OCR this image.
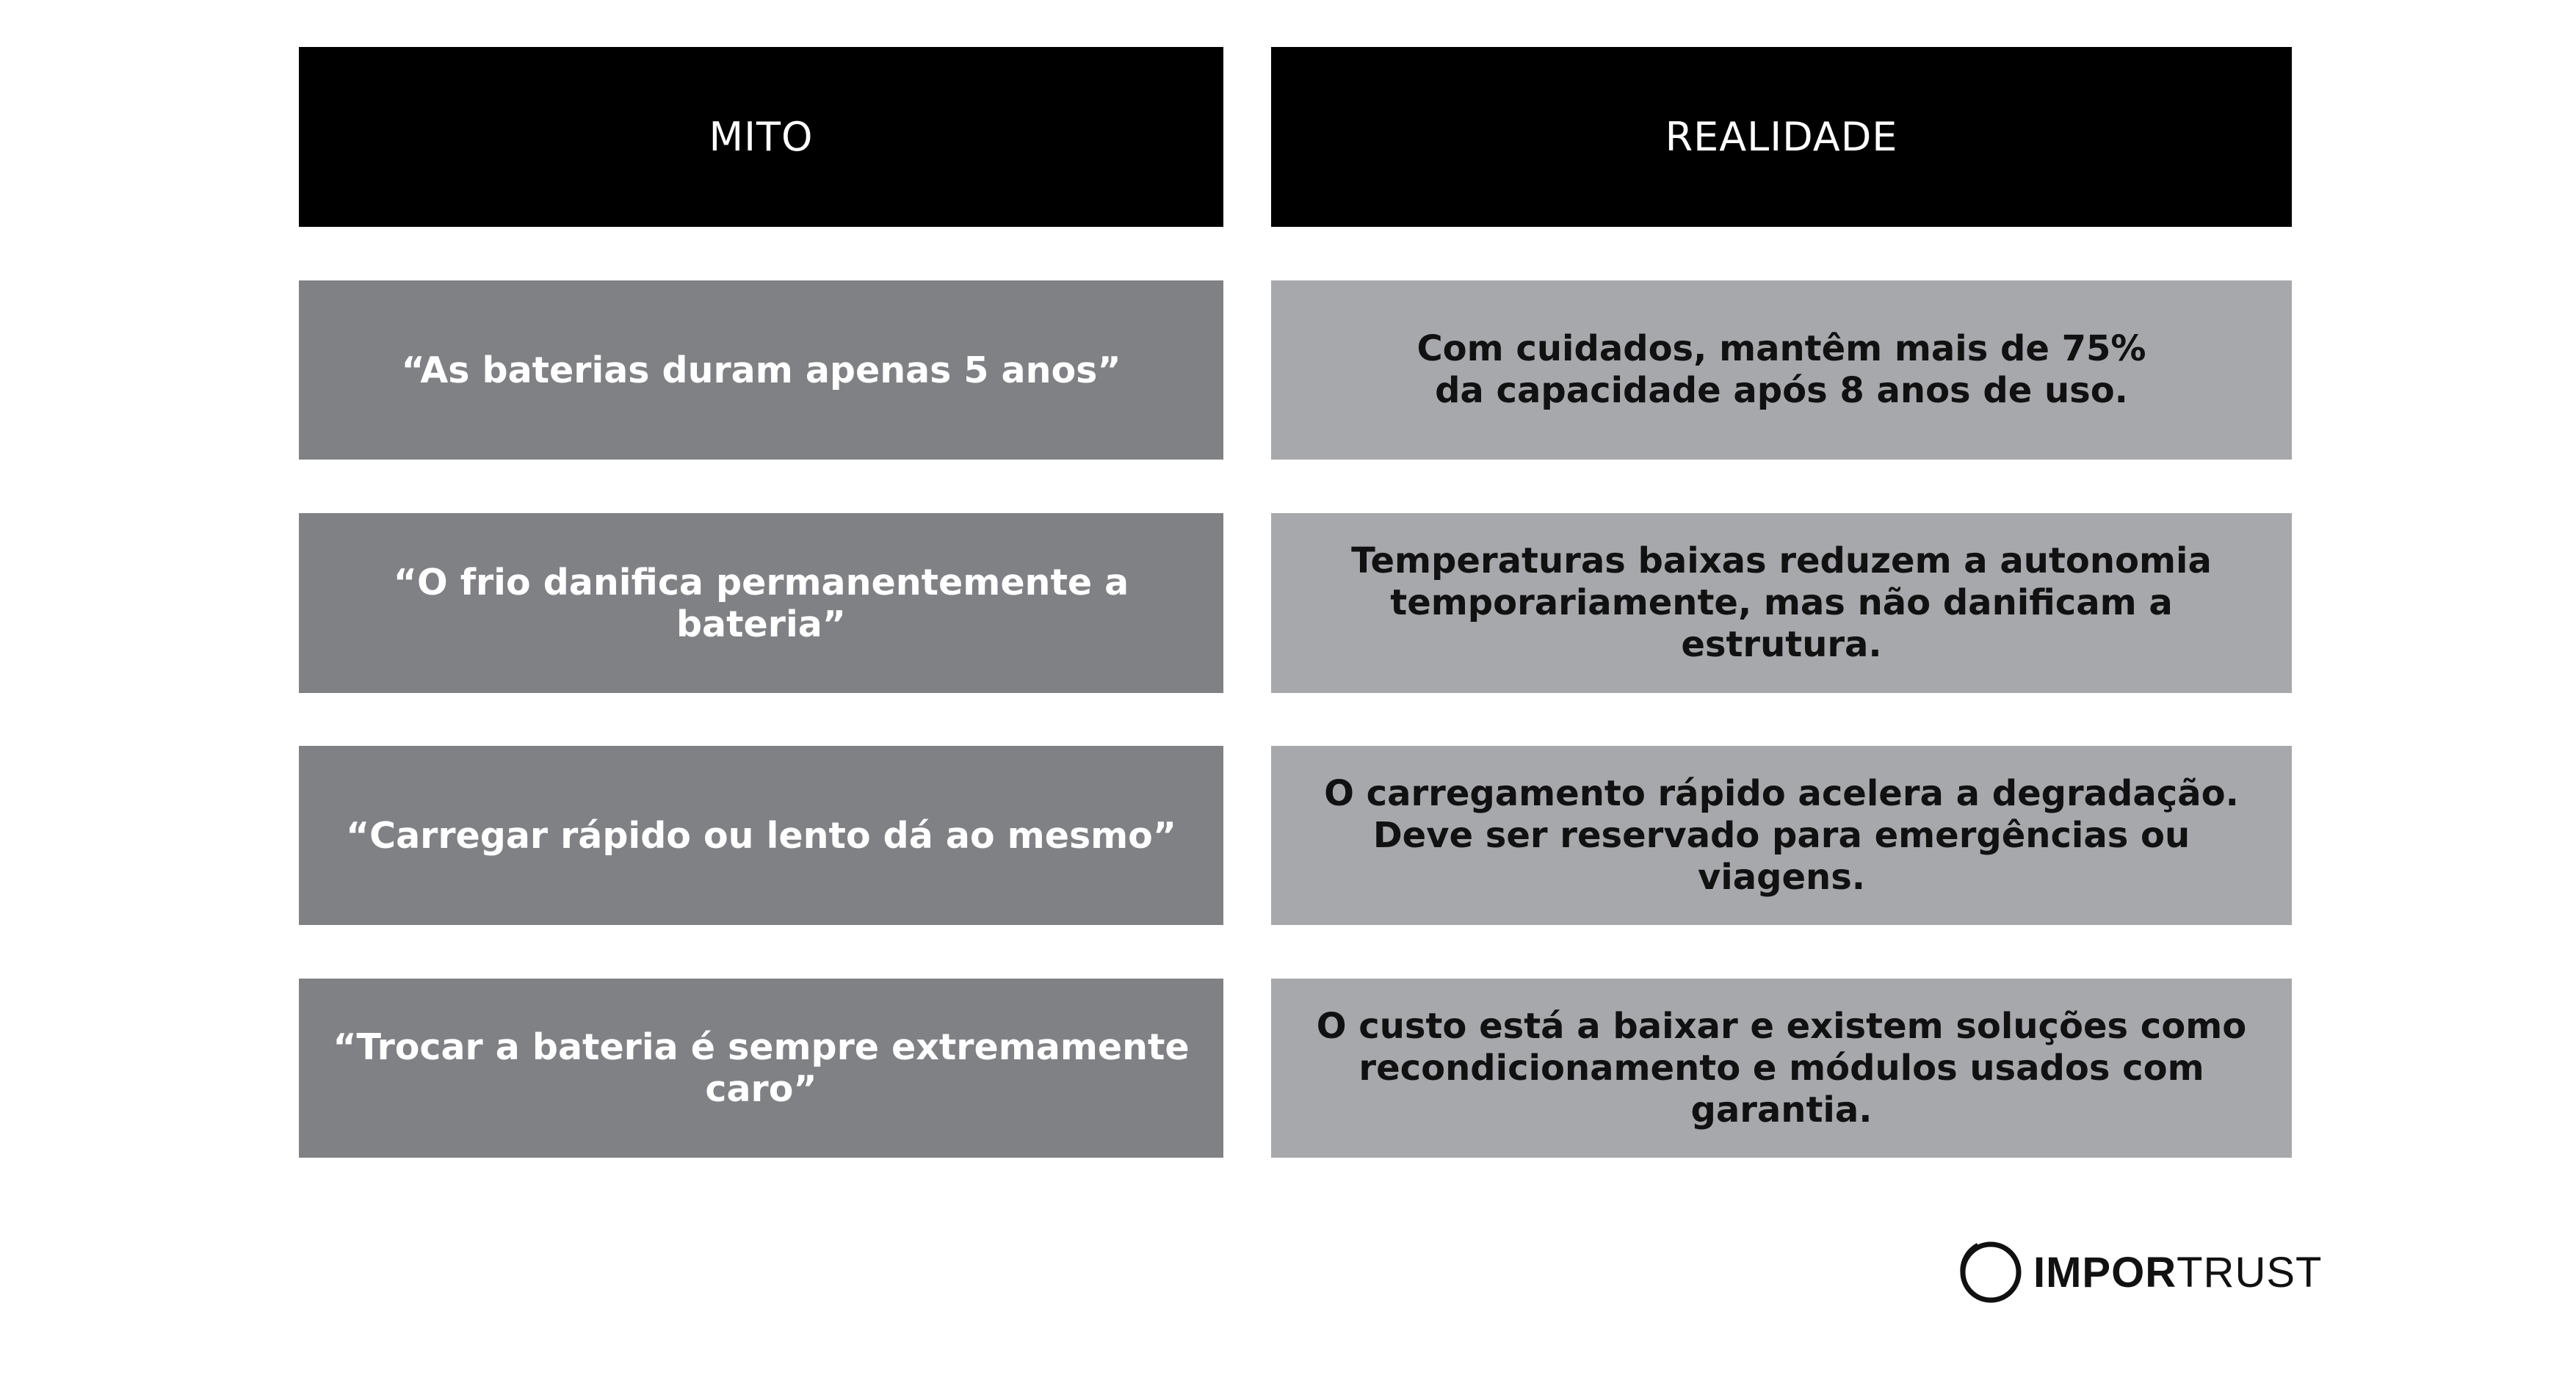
MITO	REALIDADE
“As baterias duram apenas 5 anos”
Com cuidados, mantêm mais de 75%
da capacidade após 8 anos de uso.
“O frio danifica permanentemente a bateria”
Temperaturas baixas reduzem a autonomia
temporariamente, mas não danificam a estrutura.
“Carregar rápido ou lento dá ao mesmo”
O carregamento rápido acelera a degradação.
Deve ser reservado para emergências ou viagens.
“Trocar a bateria é sempre extremamente caro”
O custo está a baixar e existem soluções como
recondicionamento e módulos usados com garantia.
IMPORTRUST
